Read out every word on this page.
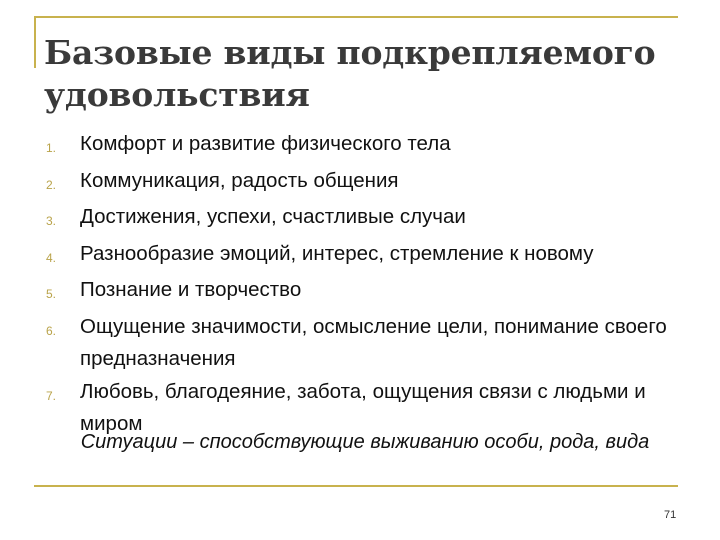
Базовые виды подкрепляемого удовольствия
1.	Комфорт и развитие физического тела
2.	Коммуникация, радость общения
3.	Достижения, успехи, счастливые случаи
4.	Разнообразие эмоций, интерес, стремление к новому
5.	Познание и творчество
6.	Ощущение значимости, осмысление цели, понимание своего предназначения
7.	Любовь, благодеяние, забота, ощущения связи с людьми и миром

Ситуации – способствующие выживанию особи, рода, вида

71
